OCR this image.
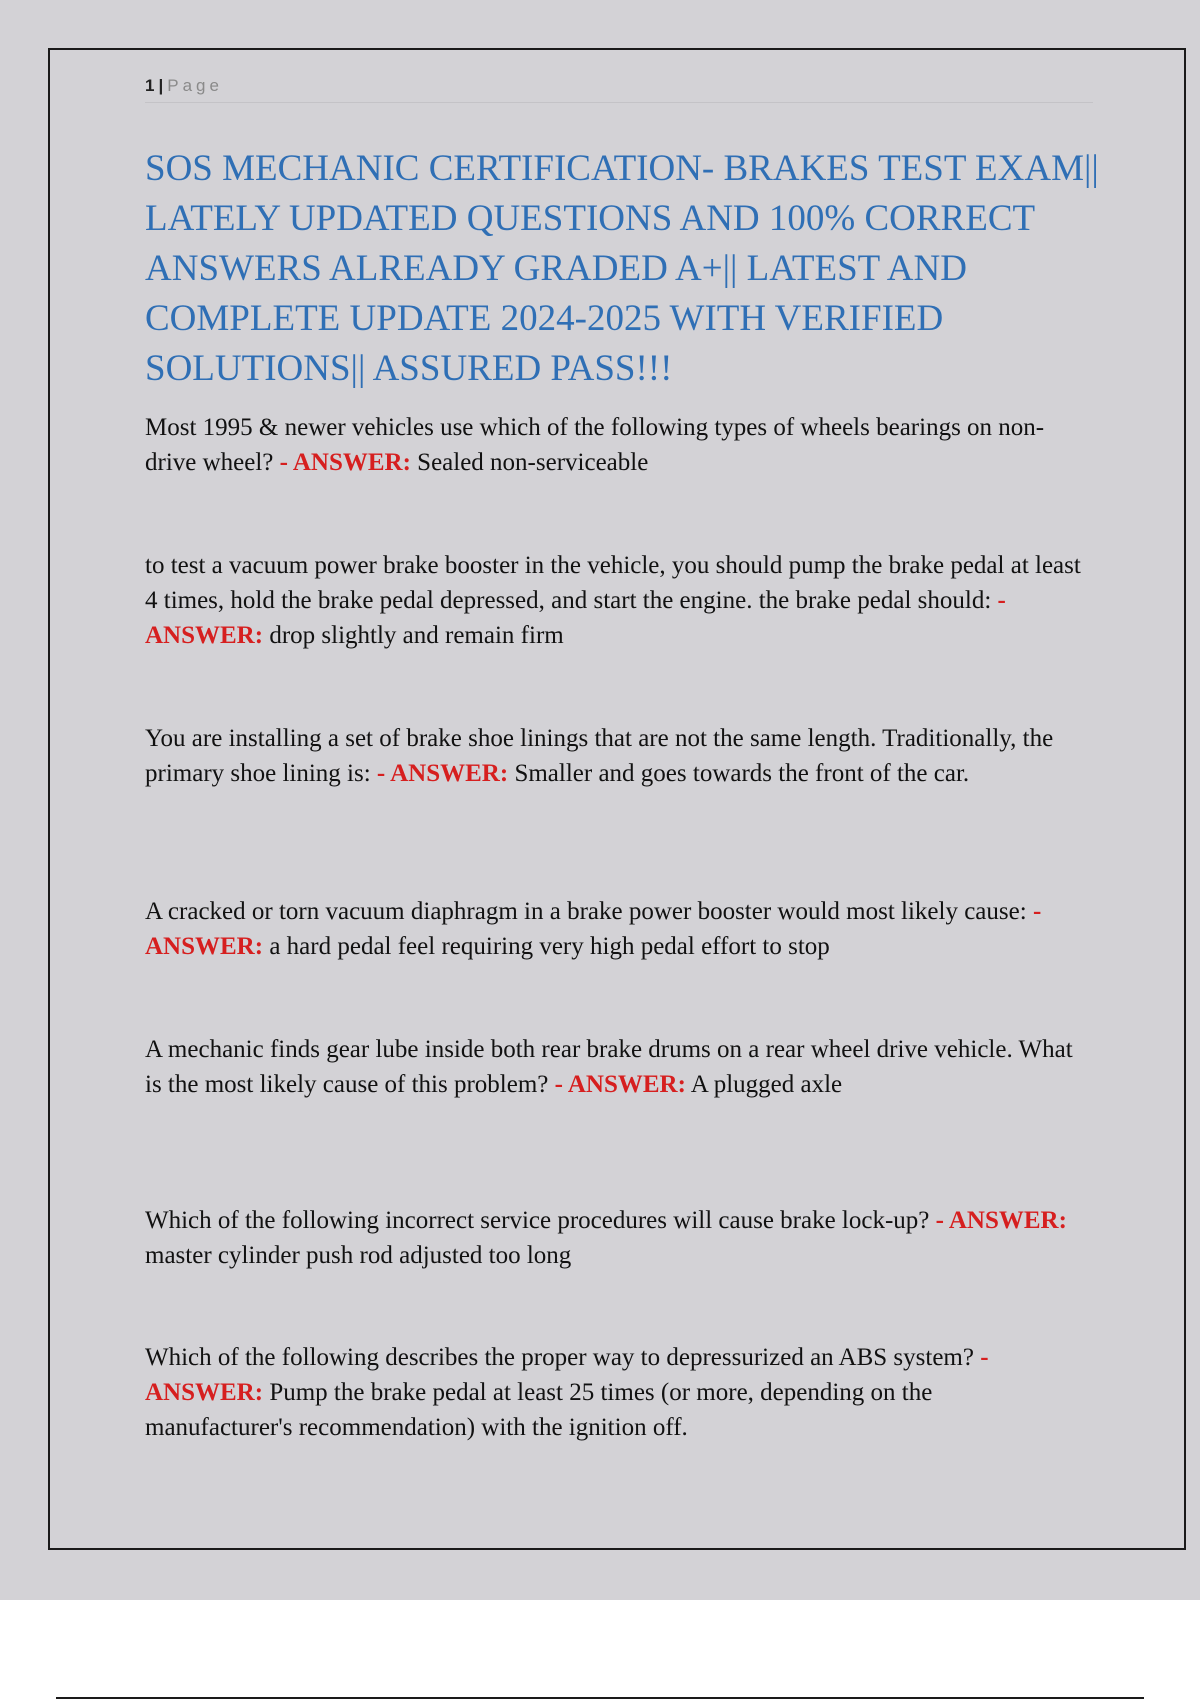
1 | Page
SOS MECHANIC CERTIFICATION- BRAKES TEST EXAM|| LATELY UPDATED QUESTIONS AND 100% CORRECT ANSWERS ALREADY GRADED A+|| LATEST AND COMPLETE UPDATE 2024-2025 WITH VERIFIED SOLUTIONS|| ASSURED PASS!!!

Most 1995 & newer vehicles use which of the following types of wheels bearings on non-drive wheel? - ANSWER: Sealed non-serviceable

to test a vacuum power brake booster in the vehicle, you should pump the brake pedal at least 4 times, hold the brake pedal depressed, and start the engine. the brake pedal should: - ANSWER: drop slightly and remain firm

You are installing a set of brake shoe linings that are not the same length. Traditionally, the primary shoe lining is: - ANSWER: Smaller and goes towards the front of the car.

A cracked or torn vacuum diaphragm in a brake power booster would most likely cause: - ANSWER: a hard pedal feel requiring very high pedal effort to stop

A mechanic finds gear lube inside both rear brake drums on a rear wheel drive vehicle. What is the most likely cause of this problem? - ANSWER: A plugged axle

Which of the following incorrect service procedures will cause brake lock-up? - ANSWER: master cylinder push rod adjusted too long

Which of the following describes the proper way to depressurized an ABS system? - ANSWER: Pump the brake pedal at least 25 times (or more, depending on the manufacturer's recommendation) with the ignition off.
